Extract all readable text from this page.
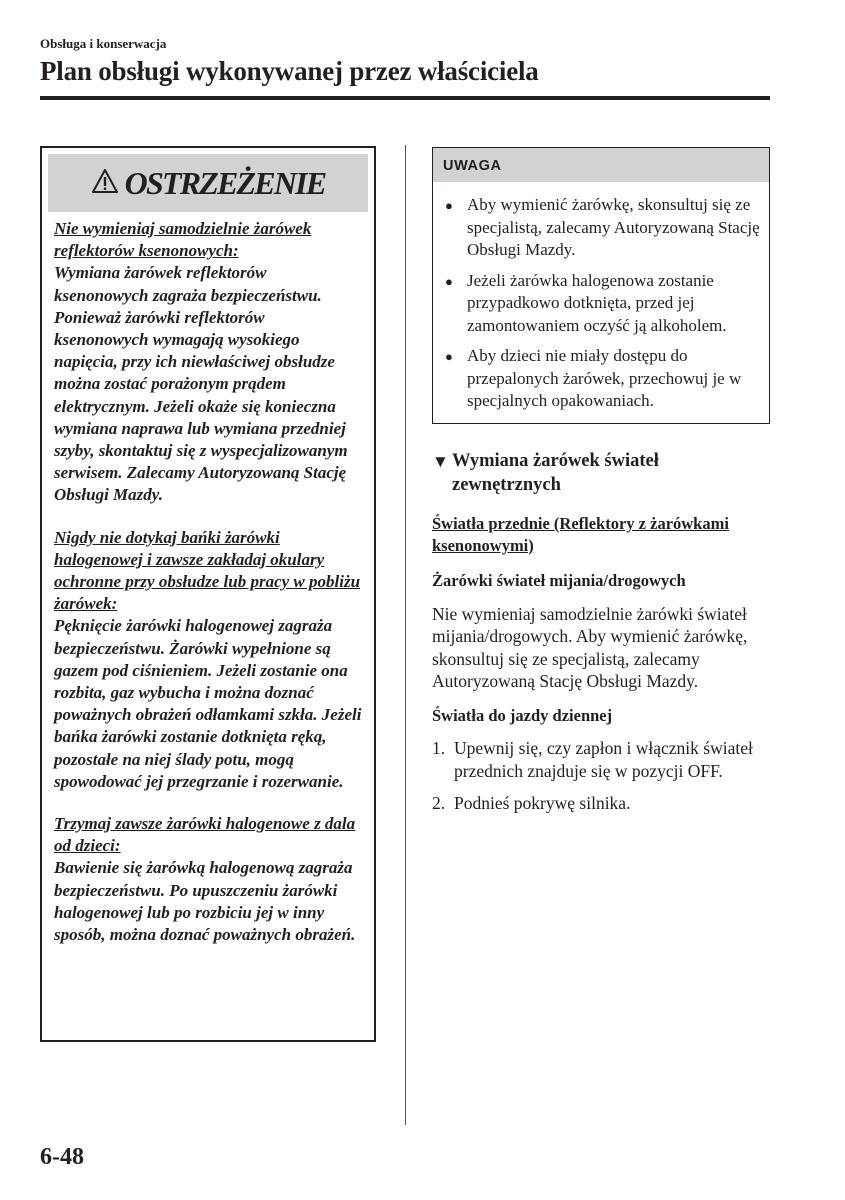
Obsługa i konserwacja
Plan obsługi wykonywanej przez właściciela
OSTRZEŻENIE

Nie wymieniaj samodzielnie żarówek reflektorów ksenonowych:
Wymiana żarówek reflektorów ksenonowych zagraża bezpieczeństwu. Ponieważ żarówki reflektorów ksenonowych wymagają wysokiego napięcia, przy ich niewłaściwej obsłudze można zostać porażonym prądem elektrycznym. Jeżeli okaże się konieczna wymiana naprawa lub wymiana przedniej szyby, skontaktuj się z wyspecjalizowanym serwisem. Zalecamy Autoryzowaną Stację Obsługi Mazdy.

Nigdy nie dotykaj bańki żarówki halogenowej i zawsze zakładaj okulary ochronne przy obsłudze lub pracy w pobliżu żarówek:
Pęknięcie żarówki halogenowej zagraża bezpieczeństwu. Żarówki wypełnione są gazem pod ciśnieniem. Jeżeli zostanie ona rozbita, gaz wybucha i można doznać poważnych obrażeń odłamkami szkła. Jeżeli bańka żarówki zostanie dotknięta ręką, pozostałe na niej ślady potu, mogą spowodować jej przegrzanie i rozerwanie.

Trzymaj zawsze żarówki halogenowe z dala od dzieci:
Bawienie się żarówką halogenową zagraża bezpieczeństwu. Po upuszczeniu żarówki halogenowej lub po rozbiciu jej w inny sposób, można doznać poważnych obrażeń.

UWAGA
● Aby wymienić żarówkę, skonsultuj się ze specjalistą, zalecamy Autoryzowaną Stację Obsługi Mazdy.
● Jeżeli żarówka halogenowa zostanie przypadkowo dotknięta, przed jej zamontowaniem oczyść ją alkoholem.
● Aby dzieci nie miały dostępu do przepalonych żarówek, przechowuj je w specjalnych opakowaniach.
▼ Wymiana żarówek świateł zewnętrznych
Światła przednie (Reflektory z żarówkami ksenonowymi)
Żarówki świateł mijania/drogowych
Nie wymieniaj samodzielnie żarówki świateł mijania/drogowych. Aby wymienić żarówkę, skonsultuj się ze specjalistą, zalecamy Autoryzowaną Stację Obsługi Mazdy.
Światła do jazdy dziennej
1. Upewnij się, czy zapłon i włącznik świateł przednich znajduje się w pozycji OFF.
2. Podnieś pokrywę silnika.
6-48
